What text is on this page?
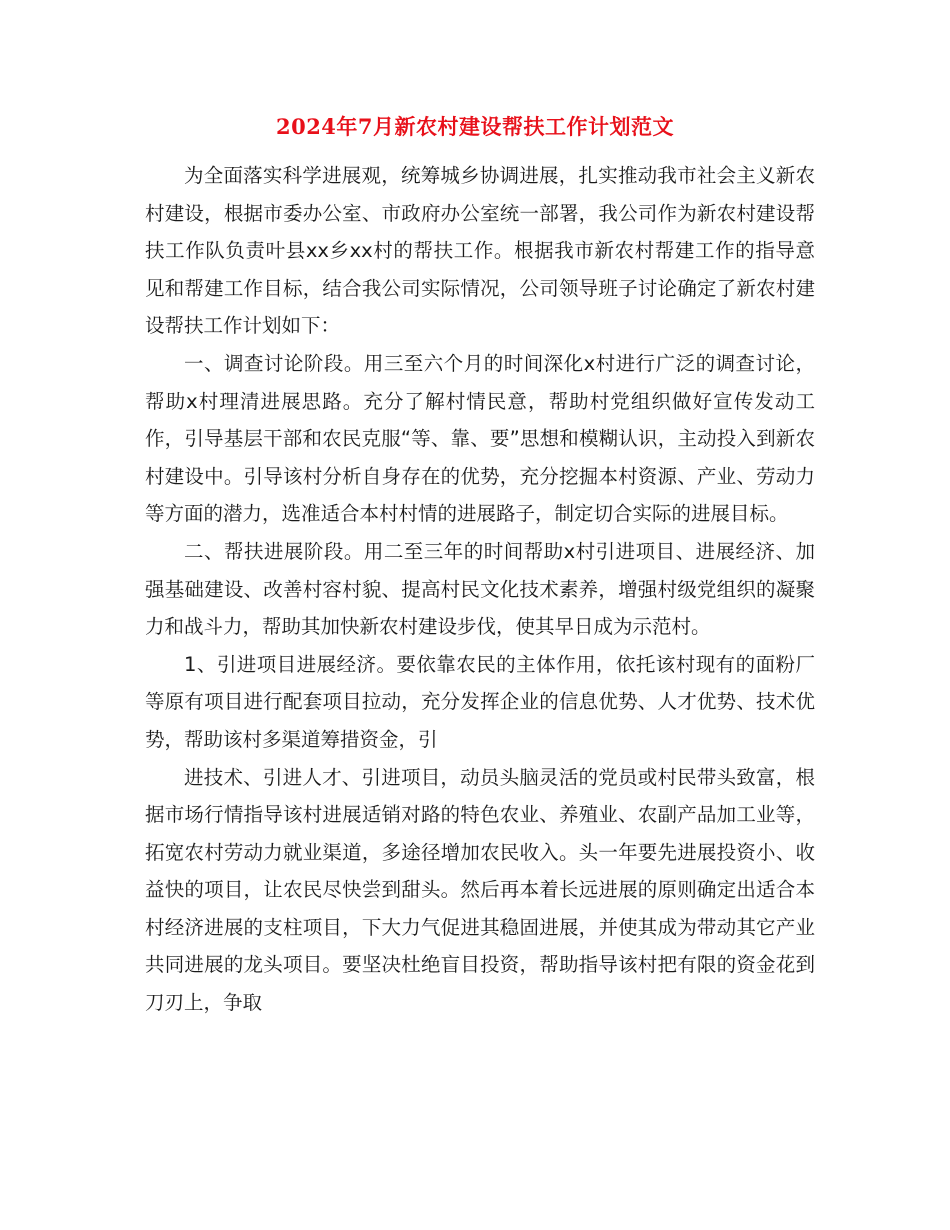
2024年7月新农村建设帮扶工作计划范文

为全面落实科学进展观，统筹城乡协调进展，扎实推动我市社会主义新农村建设，根据市委办公室、市政府办公室统一部署，我公司作为新农村建设帮扶工作队负责叶县xx乡xx村的帮扶工作。根据我市新农村帮建工作的指导意见和帮建工作目标，结合我公司实际情况，公司领导班子讨论确定了新农村建设帮扶工作计划如下：

一、调查讨论阶段。用三至六个月的时间深化x村进行广泛的调查讨论，帮助x村理清进展思路。充分了解村情民意，帮助村党组织做好宣传发动工作，引导基层干部和农民克服“等、靠、要”思想和模糊认识，主动投入到新农村建设中。引导该村分析自身存在的优势，充分挖掘本村资源、产业、劳动力等方面的潜力，选准适合本村村情的进展路子，制定切合实际的进展目标。

二、帮扶进展阶段。用二至三年的时间帮助x村引进项目、进展经济、加强基础建设、改善村容村貌、提高村民文化技术素养，增强村级党组织的凝聚力和战斗力，帮助其加快新农村建设步伐，使其早日成为示范村。

1、引进项目进展经济。要依靠农民的主体作用，依托该村现有的面粉厂等原有项目进行配套项目拉动，充分发挥企业的信息优势、人才优势、技术优势，帮助该村多渠道筹措资金，引

进技术、引进人才、引进项目，动员头脑灵活的党员或村民带头致富，根据市场行情指导该村进展适销对路的特色农业、养殖业、农副产品加工业等，拓宽农村劳动力就业渠道，多途径增加农民收入。头一年要先进展投资小、收益快的项目，让农民尽快尝到甜头。然后再本着长远进展的原则确定出适合本村经济进展的支柱项目，下大力气促进其稳固进展，并使其成为带动其它产业共同进展的龙头项目。要坚决杜绝盲目投资，帮助指导该村把有限的资金花到刀刃上，争取
